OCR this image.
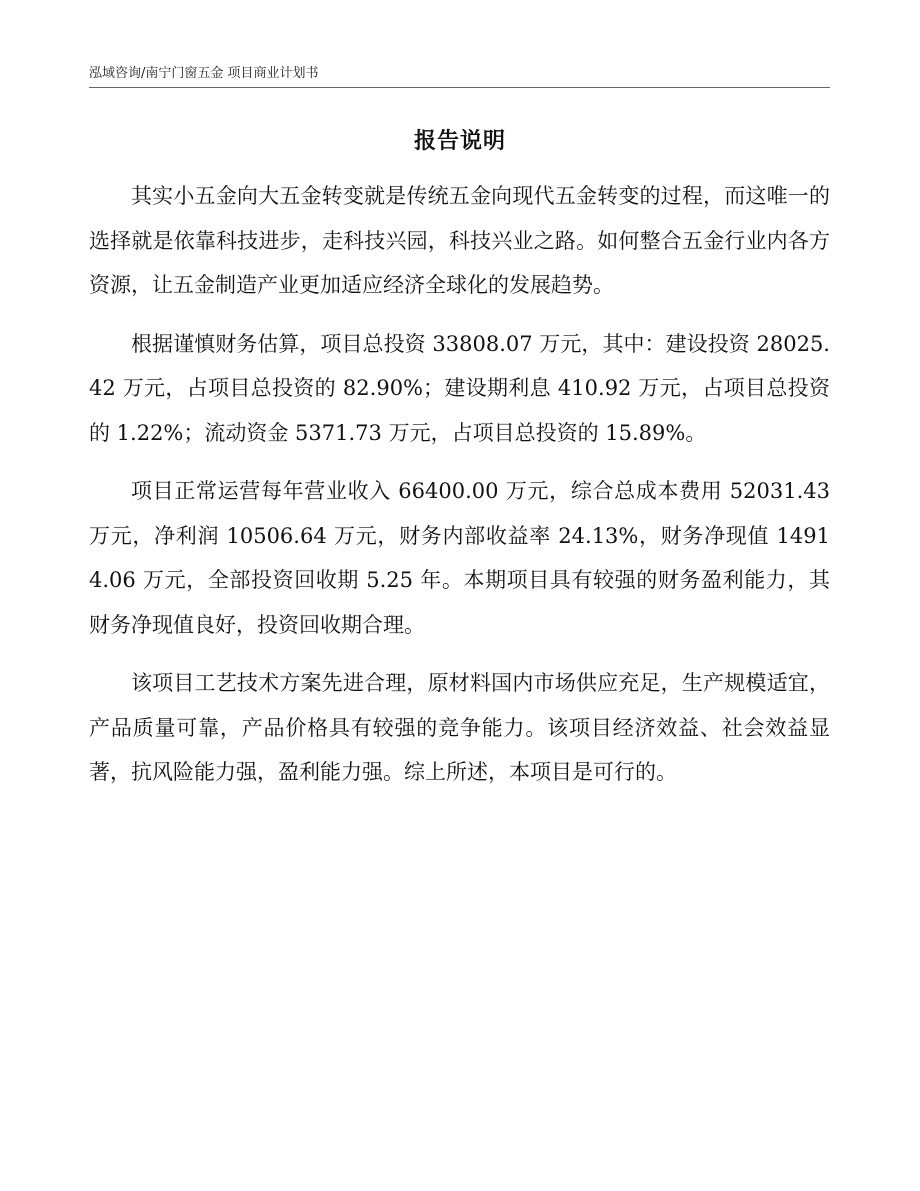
泓域咨询/南宁门窗五金 项目商业计划书
报告说明

其实小五金向大五金转变就是传统五金向现代五金转变的过程，而这唯一的选择就是依靠科技进步，走科技兴园，科技兴业之路。如何整合五金行业内各方资源，让五金制造产业更加适应经济全球化的发展趋势。

根据谨慎财务估算，项目总投资 33808.07 万元，其中：建设投资 28025.42 万元，占项目总投资的 82.90%；建设期利息 410.92 万元，占项目总投资的 1.22%；流动资金 5371.73 万元，占项目总投资的 15.89%。

项目正常运营每年营业收入 66400.00 万元，综合总成本费用 52031.43 万元，净利润 10506.64 万元，财务内部收益率 24.13%，财务净现值 14914.06 万元，全部投资回收期 5.25 年。本期项目具有较强的财务盈利能力，其财务净现值良好，投资回收期合理。

该项目工艺技术方案先进合理，原材料国内市场供应充足，生产规模适宜，产品质量可靠，产品价格具有较强的竞争能力。该项目经济效益、社会效益显著，抗风险能力强，盈利能力强。综上所述，本项目是可行的。
